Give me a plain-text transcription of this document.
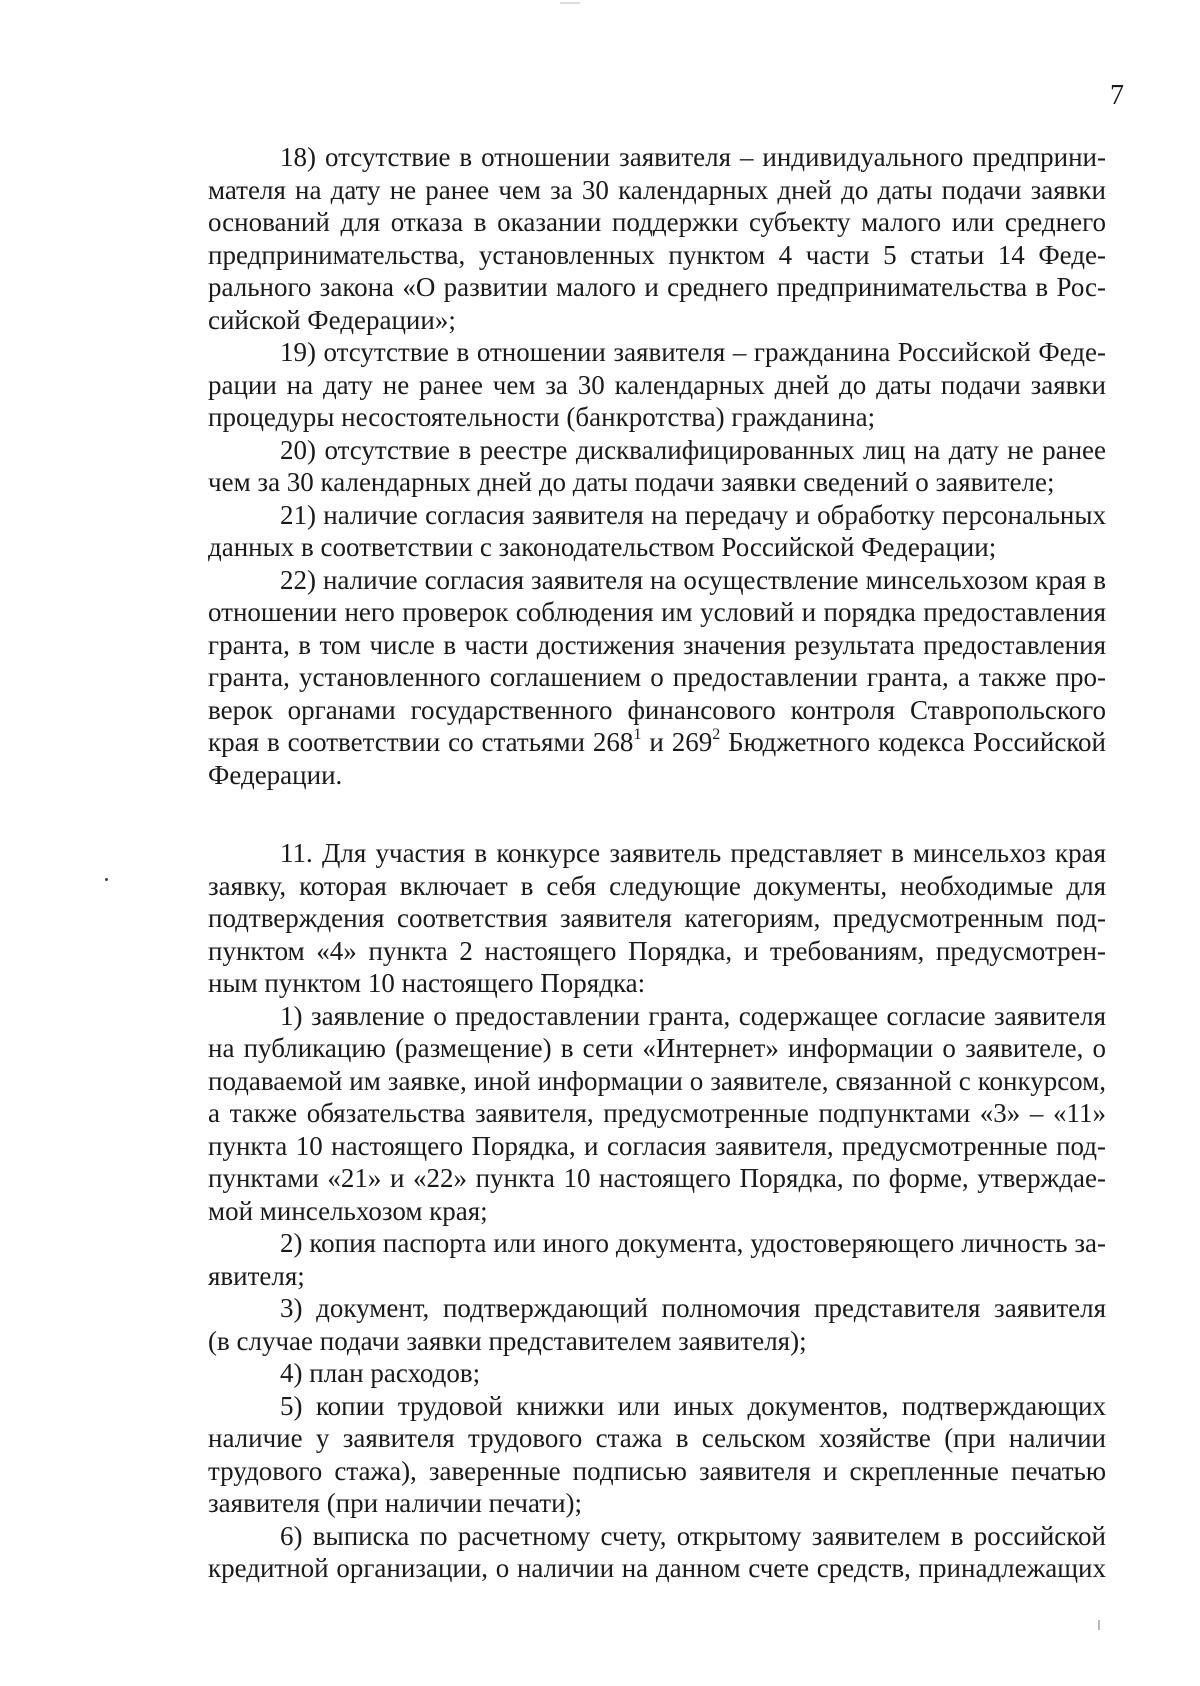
7
18) отсутствие в отношении заявителя – индивидуального предприни-
мателя на дату не ранее чем за 30 календарных дней до даты подачи заявки
оснований для отказа в оказании поддержки субъекту малого или среднего
предпринимательства, установленных пунктом 4 части 5 статьи 14 Феде-
рального закона «О развитии малого и среднего предпринимательства в Рос-
сийской Федерации»;
19) отсутствие в отношении заявителя – гражданина Российской Феде-
рации на дату не ранее чем за 30 календарных дней до даты подачи заявки
процедуры несостоятельности (банкротства) гражданина;
20) отсутствие в реестре дисквалифицированных лиц на дату не ранее
чем за 30 календарных дней до даты подачи заявки сведений о заявителе;
21) наличие согласия заявителя на передачу и обработку персональных
данных в соответствии с законодательством Российской Федерации;
22) наличие согласия заявителя на осуществление минсельхозом края в
отношении него проверок соблюдения им условий и порядка предоставления
гранта, в том числе в части достижения значения результата предоставления
гранта, установленного соглашением о предоставлении гранта, а также про-
верок органами государственного финансового контроля Ставропольского
края в соответствии со статьями $268^1$ и $269^2$ Бюджетного кодекса Российской
Федерации.
11. Для участия в конкурсе заявитель представляет в минсельхоз края
заявку, которая включает в себя следующие документы, необходимые для
подтверждения соответствия заявителя категориям, предусмотренным под-
пунктом «4» пункта 2 настоящего Порядка, и требованиям, предусмотрен-
ным пунктом 10 настоящего Порядка:
1) заявление о предоставлении гранта, содержащее согласие заявителя
на публикацию (размещение) в сети «Интернет» информации о заявителе, о
подаваемой им заявке, иной информации о заявителе, связанной с конкурсом,
а также обязательства заявителя, предусмотренные подпунктами «3» – «11»
пункта 10 настоящего Порядка, и согласия заявителя, предусмотренные под-
пунктами «21» и «22» пункта 10 настоящего Порядка, по форме, утверждае-
мой минсельхозом края;
2) копия паспорта или иного документа, удостоверяющего личность за-
явителя;
3) документ, подтверждающий полномочия представителя заявителя
(в случае подачи заявки представителем заявителя);
4) план расходов;
5) копии трудовой книжки или иных документов, подтверждающих
наличие у заявителя трудового стажа в сельском хозяйстве (при наличии
трудового стажа), заверенные подписью заявителя и скрепленные печатью
заявителя (при наличии печати);
6) выписка по расчетному счету, открытому заявителем в российской
кредитной организации, о наличии на данном счете средств, принадлежащих
